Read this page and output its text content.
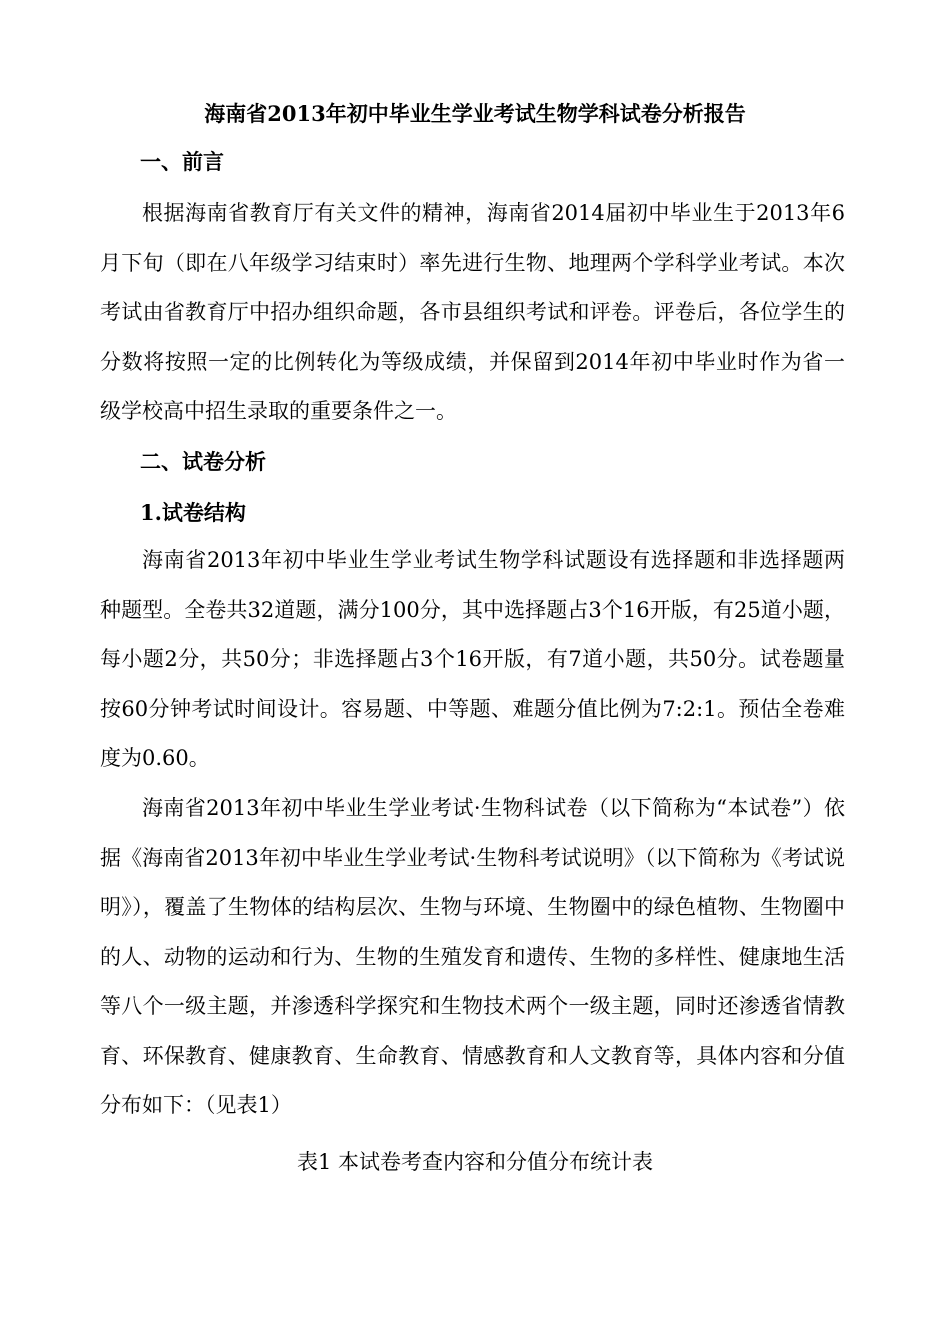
海南省2013年初中毕业生学业考试生物学科试卷分析报告
一、前言

根据海南省教育厅有关文件的精神，海南省2014届初中毕业生于2013年6月下旬（即在八年级学习结束时）率先进行生物、地理两个学科学业考试。本次考试由省教育厅中招办组织命题，各市县组织考试和评卷。评卷后，各位学生的分数将按照一定的比例转化为等级成绩，并保留到2014年初中毕业时作为省一级学校高中招生录取的重要条件之一。

二、试卷分析
1.试卷结构

海南省2013年初中毕业生学业考试生物学科试题设有选择题和非选择题两种题型。全卷共32道题，满分100分，其中选择题占3个16开版，有25道小题，每小题2分，共50分；非选择题占3个16开版，有7道小题，共50分。试卷题量按60分钟考试时间设计。容易题、中等题、难题分值比例为7:2:1。预估全卷难度为0.60。

海南省2013年初中毕业生学业考试·生物科试卷（以下简称为“本试卷”）依据《海南省2013年初中毕业生学业考试·生物科考试说明》（以下简称为《考试说明》），覆盖了生物体的结构层次、生物与环境、生物圈中的绿色植物、生物圈中的人、动物的运动和行为、生物的生殖发育和遗传、生物的多样性、健康地生活等八个一级主题，并渗透科学探究和生物技术两个一级主题，同时还渗透省情教育、环保教育、健康教育、生命教育、情感教育和人文教育等，具体内容和分值分布如下：（见表1）

表1 本试卷考查内容和分值分布统计表
